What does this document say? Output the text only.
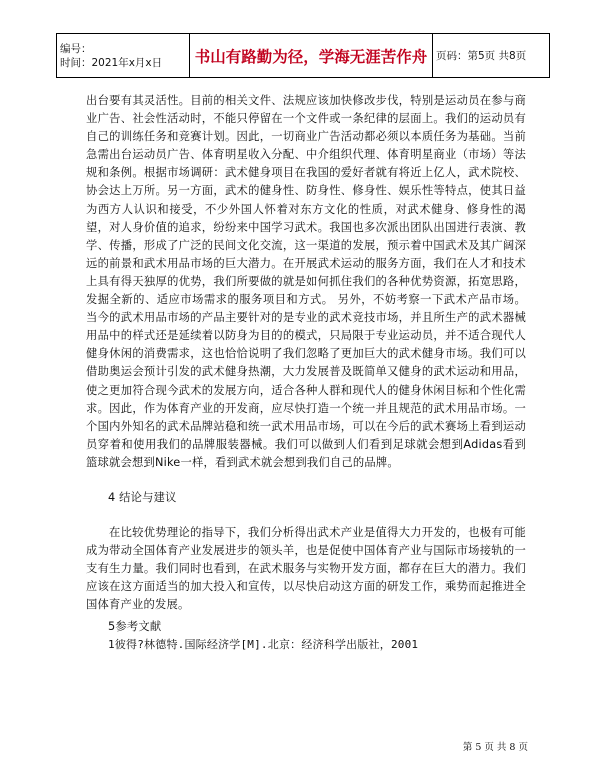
编号：
时间：2021年x月x日	书山有路勤为径，学海无涯苦作舟	页码：第5页 共8页

出台要有其灵活性。目前的相关文件、法规应该加快修改步伐，特别是运动员在参与商业广告、社会性活动时，不能只停留在一个文件或一条纪律的层面上。我们的运动员有自己的训练任务和竞赛计划。因此，一切商业广告活动都必须以本质任务为基础。当前急需出台运动员广告、体育明星收入分配、中介组织代理、体育明星商业（市场）等法规和条例。根据市场调研：武术健身项目在我国的爱好者就有将近上亿人，武术院校、协会达上万所。另一方面，武术的健身性、防身性、修身性、娱乐性等特点，使其日益为西方人认识和接受，不少外国人怀着对东方文化的性质，对武术健身、修身性的渴望，对人身价值的追求，纷纷来中国学习武术。我国也多次派出团队出国进行表演、教学、传播，形成了广泛的民间文化交流，这一渠道的发展，预示着中国武术及其广阔深远的前景和武术用品市场的巨大潜力。在开展武术运动的服务方面，我们在人才和技术上具有得天独厚的优势，我们所要做的就是如何抓住我们的各种优势资源，拓宽思路，发掘全新的、适应市场需求的服务项目和方式。 另外，不妨考察一下武术产品市场。当今的武术用品市场的产品主要针对的是专业的武术竞技市场，并且所生产的武术器械用品中的样式还是延续着以防身为目的的模式，只局限于专业运动员，并不适合现代人健身休闲的消费需求，这也恰恰说明了我们忽略了更加巨大的武术健身市场。我们可以借助奥运会预计引发的武术健身热潮，大力发展普及既简单又健身的武术运动和用品，使之更加符合现今武术的发展方向，适合各种人群和现代人的健身休闲目标和个性化需求。因此，作为体育产业的开发商，应尽快打造一个统一并且规范的武术用品市场。一个国内外知名的武术品牌站稳和统一武术用品市场，可以在今后的武术赛场上看到运动员穿着和使用我们的品牌服装器械。我们可以做到人们看到足球就会想到Adidas看到篮球就会想到Nike一样，看到武术就会想到我们自己的品牌。

4 结论与建议

在比较优势理论的指导下，我们分析得出武术产业是值得大力开发的，也极有可能成为带动全国体育产业发展进步的领头羊，也是促使中国体育产业与国际市场接轨的一支有生力量。我们同时也看到，在武术服务与实物开发方面，都存在巨大的潜力。我们应该在这方面适当的加大投入和宣传，以尽快启动这方面的研发工作，乘势而起推进全国体育产业的发展。

5参考文献

1彼得?林德特.国际经济学[M].北京：经济科学出版社，2001

第 5 页 共 8 页
